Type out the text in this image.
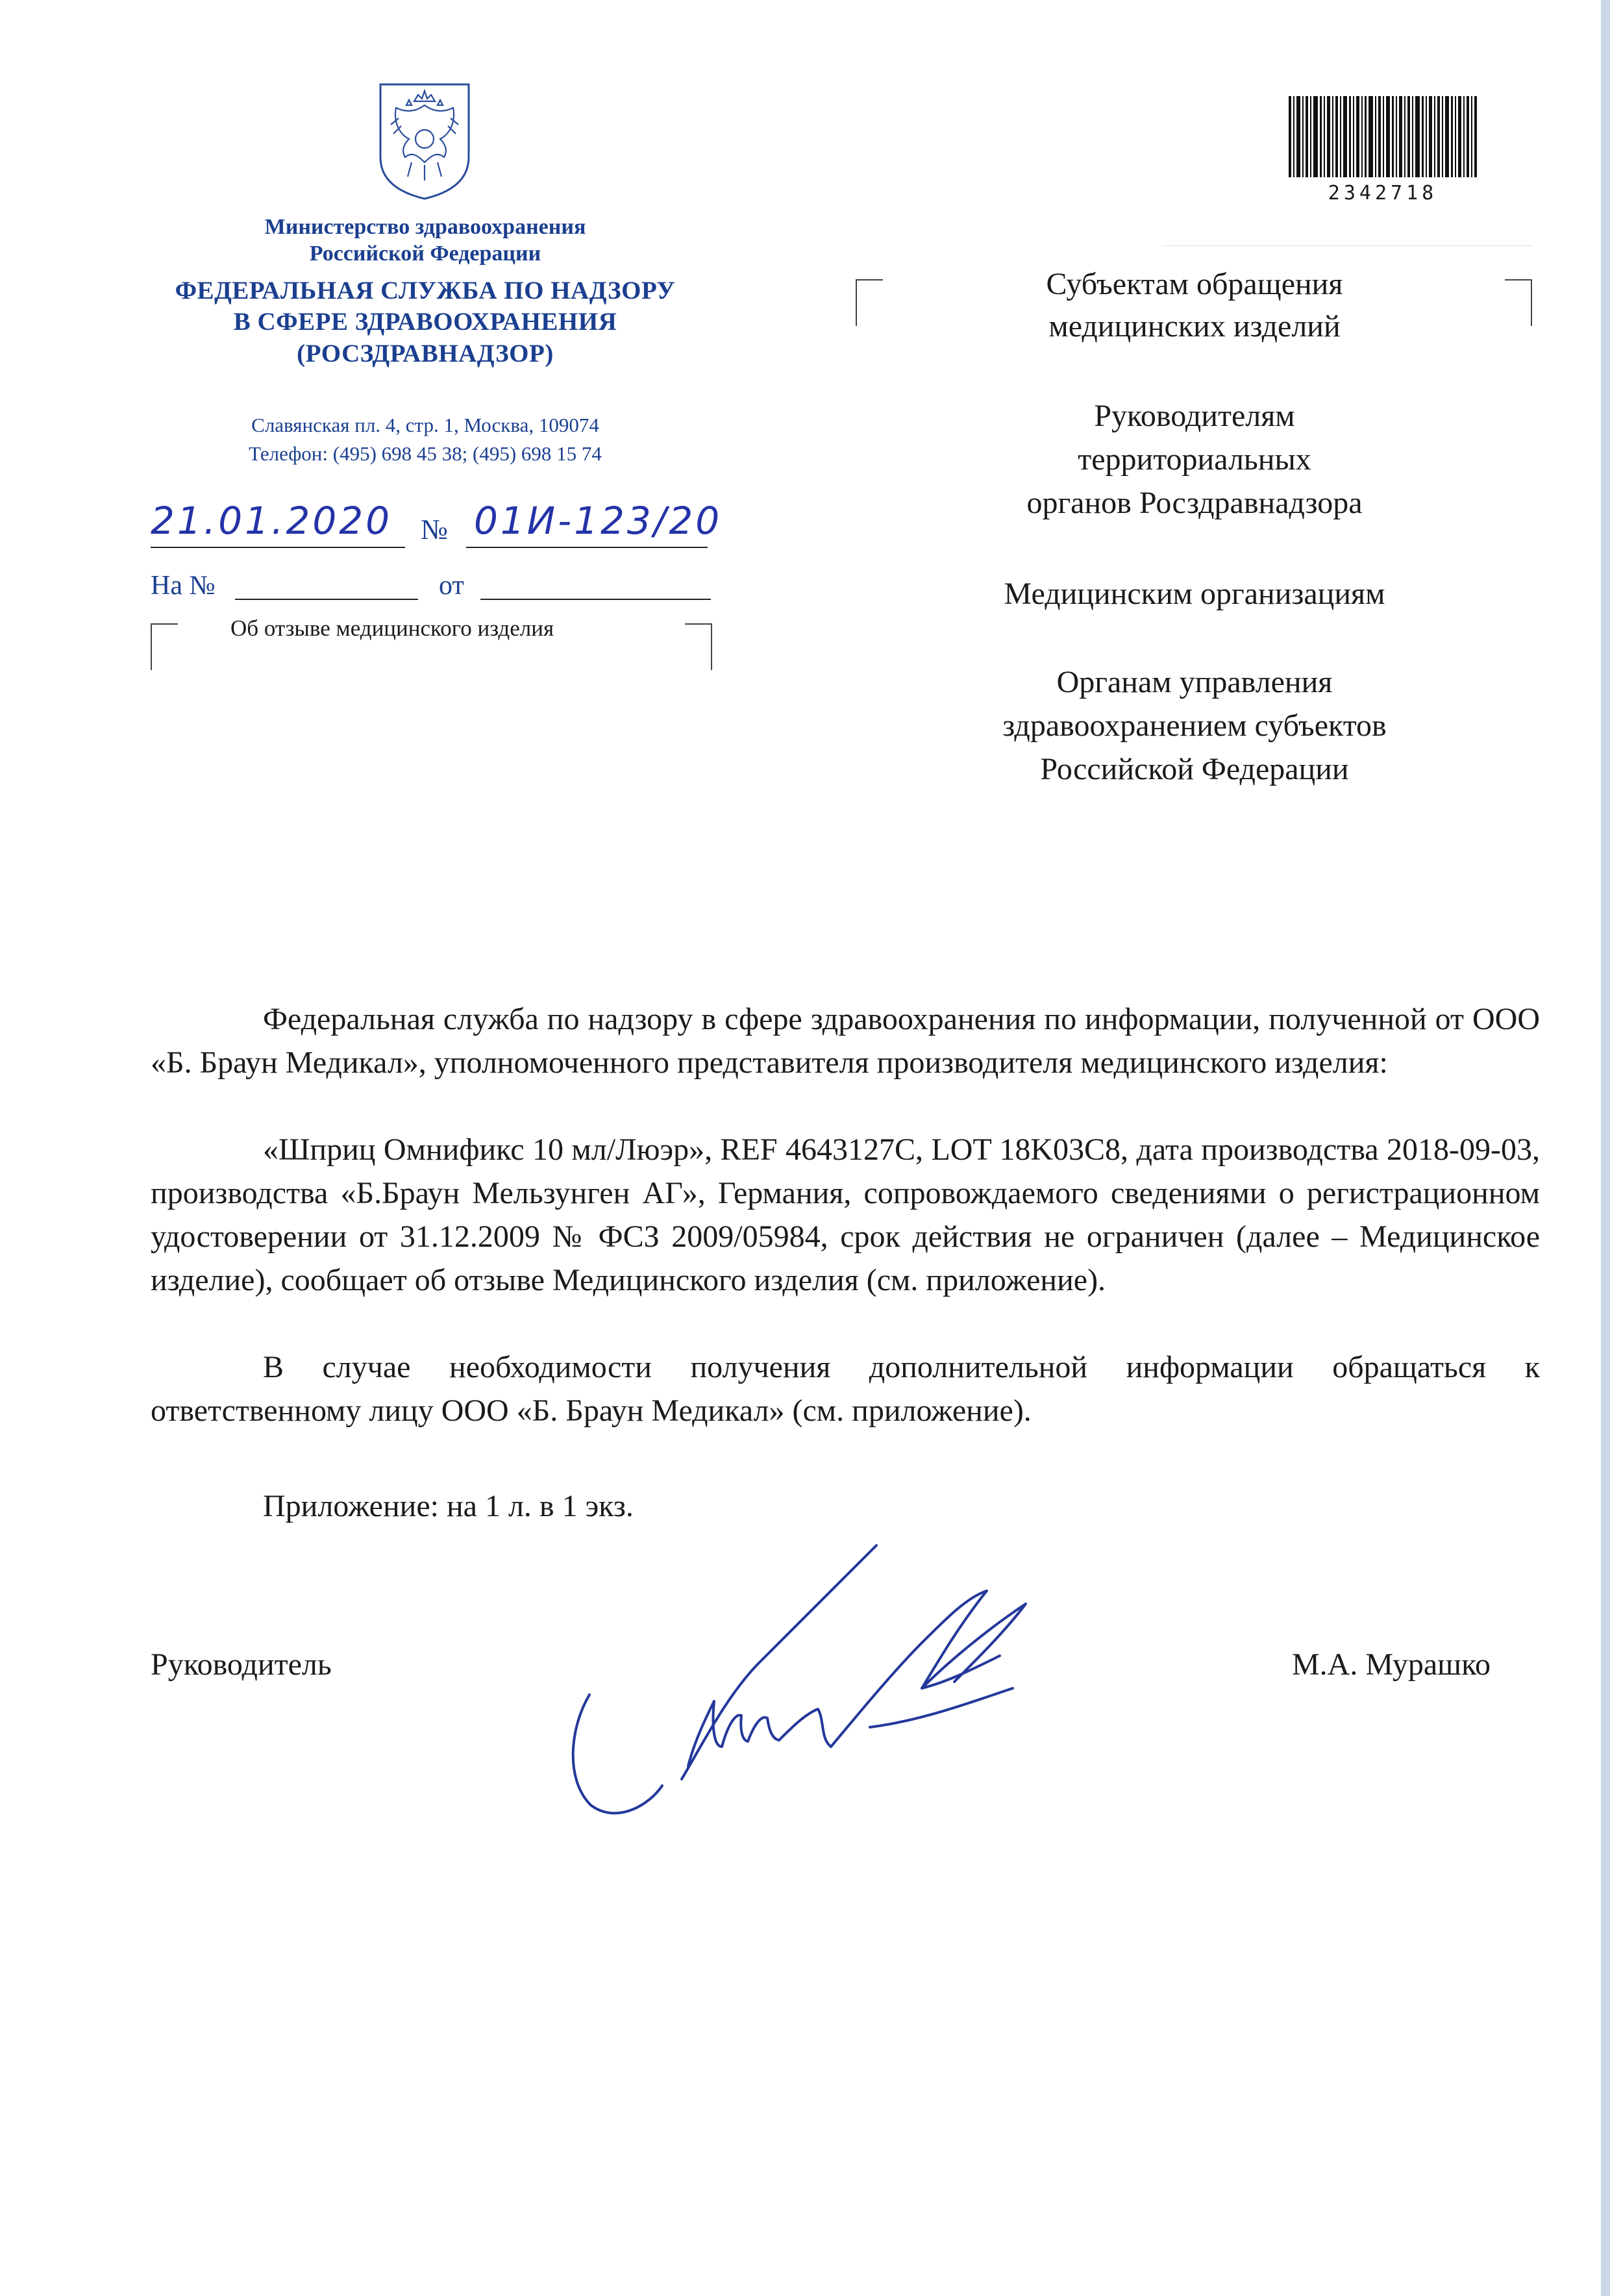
Министерство здравоохранения
Российской Федерации
ФЕДЕРАЛЬНАЯ СЛУЖБА ПО НАДЗОРУ
В СФЕРЕ ЗДРАВООХРАНЕНИЯ
(РОСЗДРАВНАДЗОР)
Славянская пл. 4, стр. 1, Москва, 109074
Телефон: (495) 698 45 38; (495) 698 15 74
21.01.2020 № 01И-123/20
На №	от
Об отзыве медицинского изделия
2342718
Субъектам обращения
медицинских изделий
Руководителям
территориальных
органов Росздравнадзора
Медицинским организациям
Органам управления
здравоохранением субъектов
Российской Федерации
Федеральная служба по надзору в сфере здравоохранения по информации, полученной от ООО «Б. Браун Медикал», уполномоченного представителя производителя медицинского изделия:
«Шприц Омнификс 10 мл/Люэр», REF 4643127C, LOT 18K03C8, дата производства 2018-09-03, производства «Б.Браун Мельзунген АГ», Германия, сопровождаемого сведениями о регистрационном удостоверении от 31.12.2009 № ФСЗ 2009/05984, срок действия не ограничен (далее – Медицинское изделие), сообщает об отзыве Медицинского изделия (см. приложение).
В случае необходимости получения дополнительной информации обращаться к ответственному лицу ООО «Б. Браун Медикал» (см. приложение).
Приложение: на 1 л. в 1 экз.
Руководитель	М.А. Мурашко
